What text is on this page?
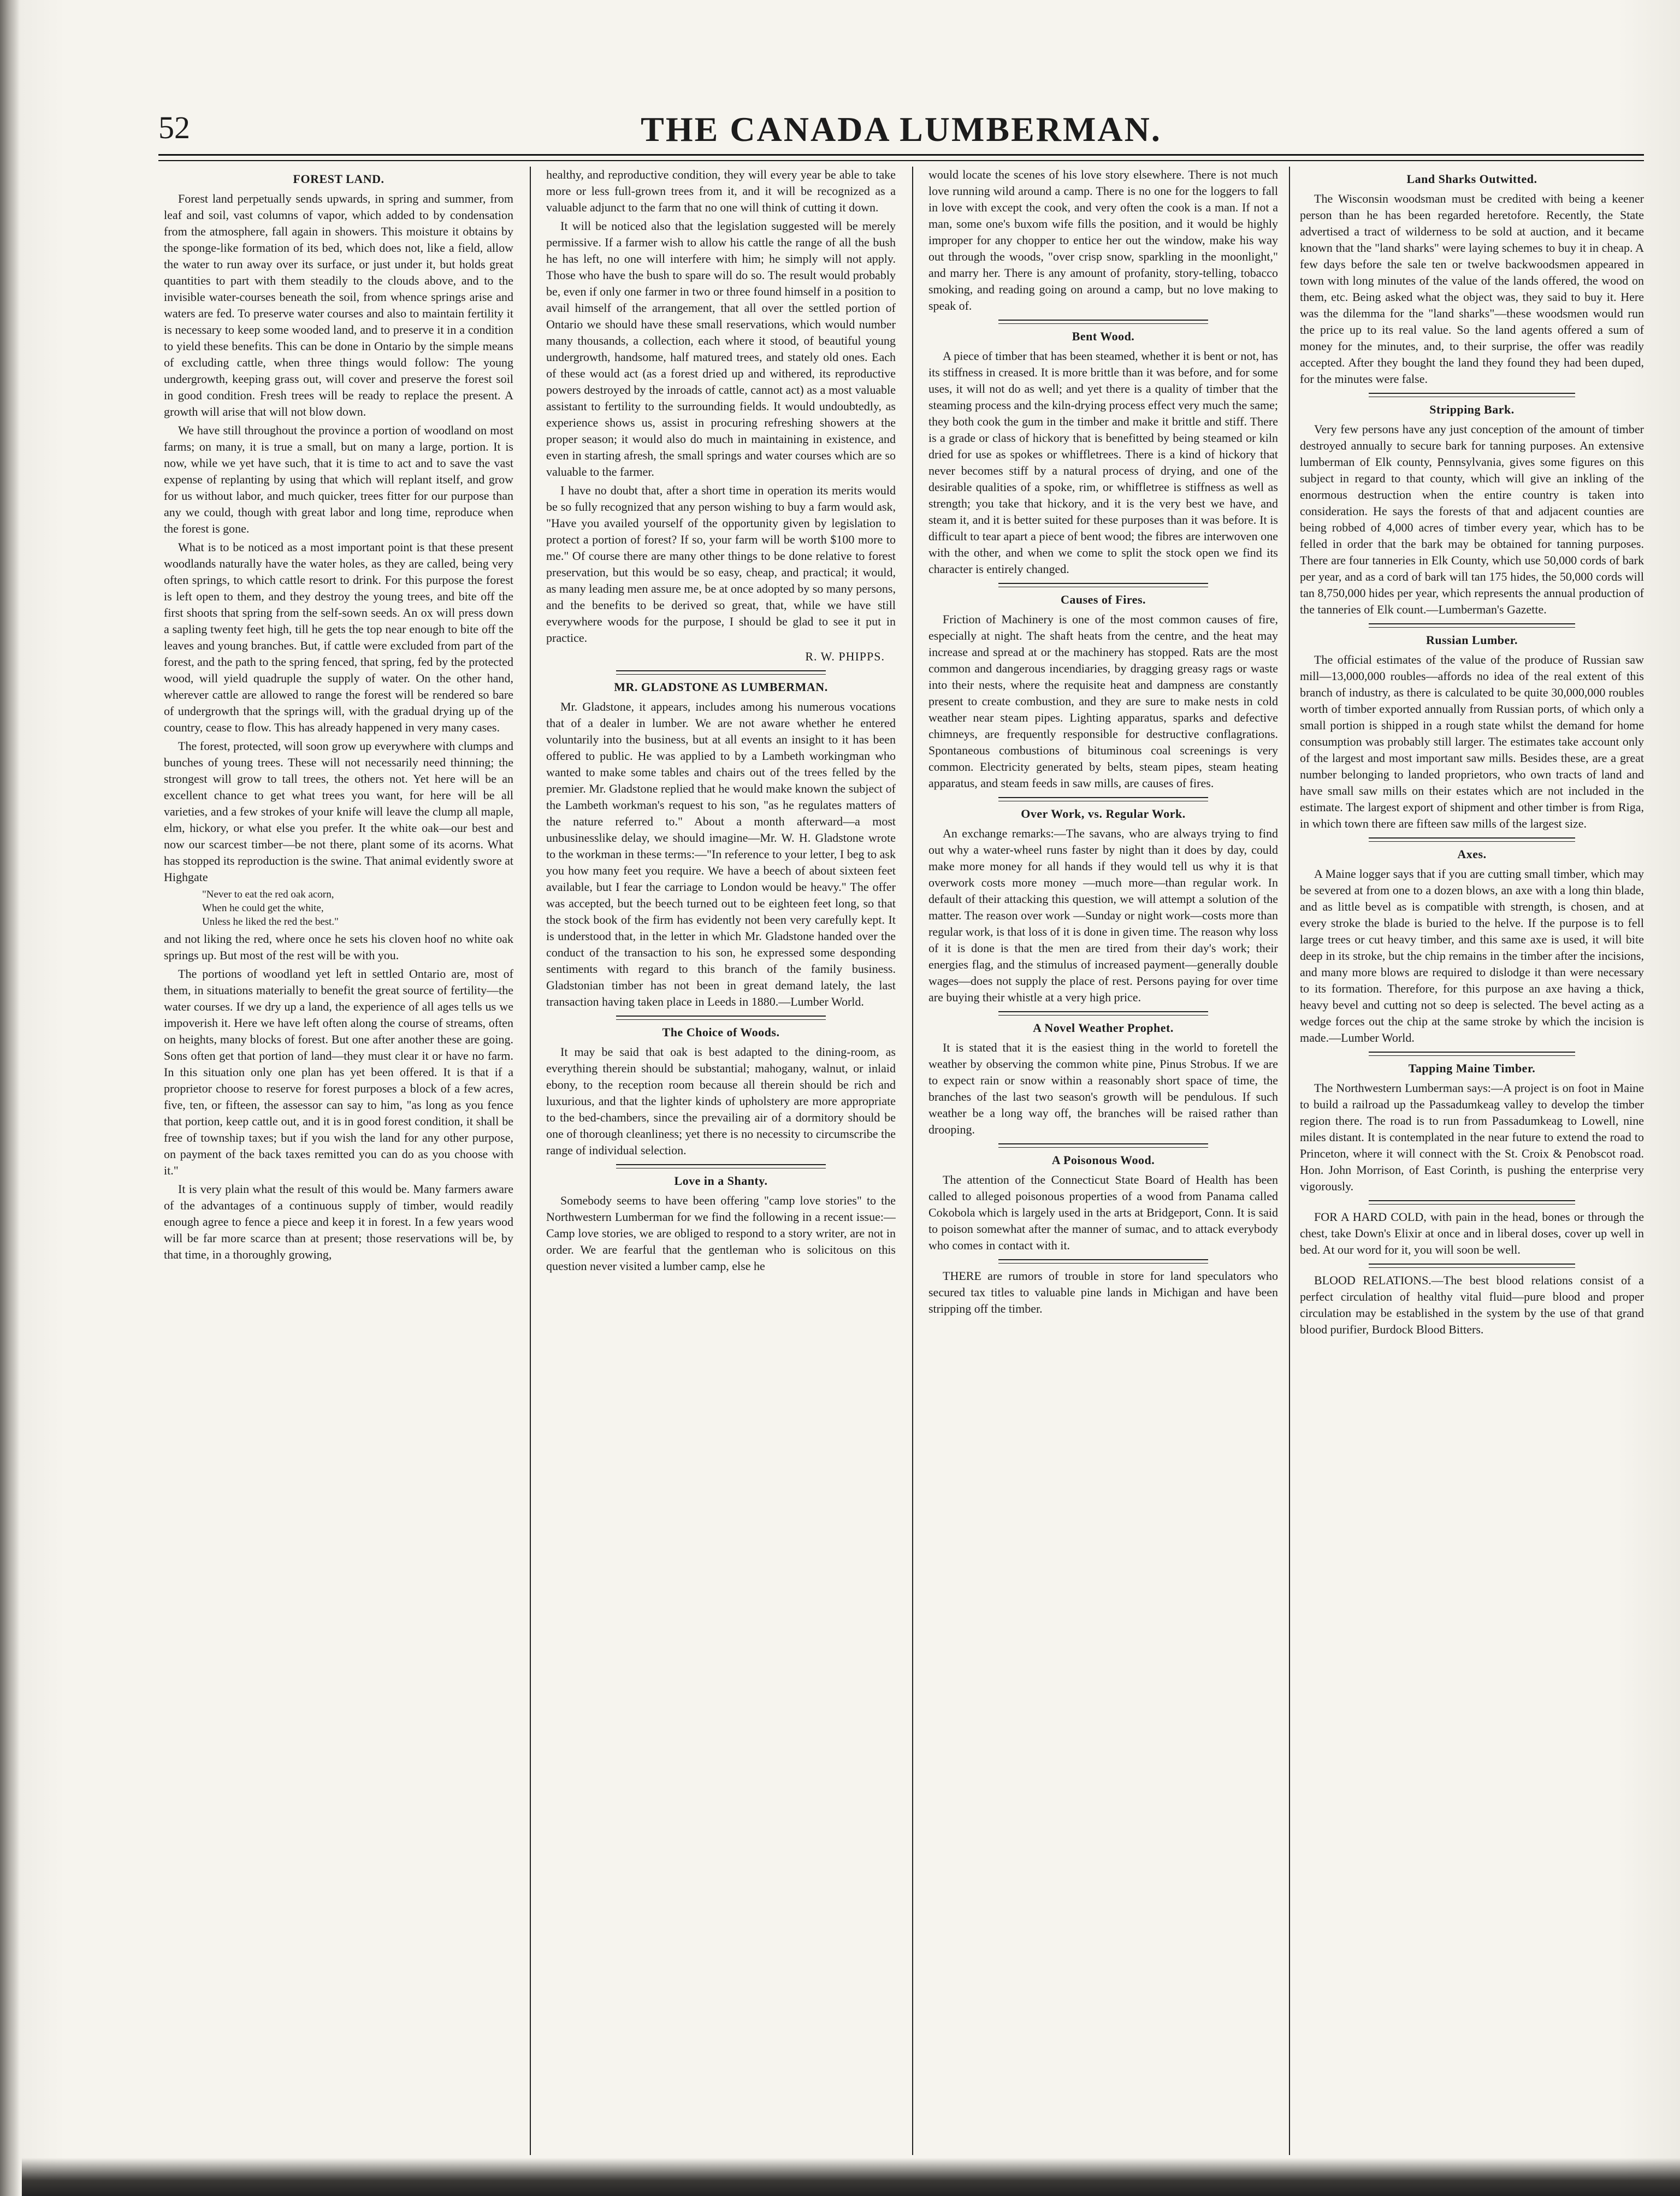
52	THE CANADA LUMBERMAN.
FOREST LAND.

Forest land perpetually sends upwards, in spring and summer, from leaf and soil, vast columns of vapor, which added to by condensation from the atmosphere, fall again in showers. This moisture it obtains by the sponge-like formation of its bed, which does not, like a field, allow the water to run away over its surface, or just under it, but holds great quantities to part with them steadily to the clouds above, and to the invisible water-courses beneath the soil, from whence springs arise and waters are fed. To preserve water courses and also to maintain fertility it is necessary to keep some wooded land, and to preserve it in a condition to yield these benefits. This can be done in Ontario by the simple means of excluding cattle, when three things would follow: The young undergrowth, keeping grass out, will cover and preserve the forest soil in good condition. Fresh trees will be ready to replace the present. A growth will arise that will not blow down.

We have still throughout the province a portion of woodland on most farms; on many, it is true a small, but on many a large, portion. It is now, while we yet have such, that it is time to act and to save the vast expense of replanting by using that which will replant itself, and grow for us without labor, and much quicker, trees fitter for our purpose than any we could, though with great labor and long time, reproduce when the forest is gone.

What is to be noticed as a most important point is that these present woodlands naturally have the water holes, as they are called, being very often springs, to which cattle resort to drink. For this purpose the forest is left open to them, and they destroy the young trees, and bite off the first shoots that spring from the self-sown seeds. An ox will press down a sapling twenty feet high, till he gets the top near enough to bite off the leaves and young branches. But, if cattle were excluded from part of the forest, and the path to the spring fenced, that spring, fed by the protected wood, will yield quadruple the supply of water. On the other hand, wherever cattle are allowed to range the forest will be rendered so bare of undergrowth that the springs will, with the gradual drying up of the country, cease to flow. This has already happened in very many cases.

The forest, protected, will soon grow up everywhere with clumps and bunches of young trees. These will not necessarily need thinning; the strongest will grow to tall trees, the others not. Yet here will be an excellent chance to get what trees you want, for here will be all varieties, and a few strokes of your knife will leave the clump all maple, elm, hickory, or what else you prefer. It the white oak—our best and now our scarcest timber—be not there, plant some of its acorns. What has stopped its reproduction is the swine. That animal evidently swore at Highgate

"Never to eat the red oak acorn,
When he could get the white,
Unless he liked the red the best."

and not liking the red, where once he sets his cloven hoof no white oak springs up. But most of the rest will be with you.

The portions of woodland yet left in settled Ontario are, most of them, in situations materially to benefit the great source of fertility—the water courses. If we dry up a land, the experience of all ages tells us we impoverish it. Here we have left often along the course of streams, often on heights, many blocks of forest. But one after another these are going. Sons often get that portion of land—they must clear it or have no farm. In this situation only one plan has yet been offered. It is that if a proprietor choose to reserve for forest purposes a block of a few acres, five, ten, or fifteen, the assessor can say to him, "as long as you fence that portion, keep cattle out, and it is in good forest condition, it shall be free of township taxes; but if you wish the land for any other purpose, on payment of the back taxes remitted you can do as you choose with it."

It is very plain what the result of this would be. Many farmers aware of the advantages of a continuous supply of timber, would readily enough agree to fence a piece and keep it in forest. In a few years wood will be far more scarce than at present; those reservations will be, by that time, in a thoroughly growing,

healthy, and reproductive condition, they will every year be able to take more or less full-grown trees from it, and it will be recognized as a valuable adjunct to the farm that no one will think of cutting it down.

It will be noticed also that the legislation suggested will be merely permissive. If a farmer wish to allow his cattle the range of all the bush he has left, no one will interfere with him; he simply will not apply. Those who have the bush to spare will do so. The result would probably be, even if only one farmer in two or three found himself in a position to avail himself of the arrangement, that all over the settled portion of Ontario we should have these small reservations, which would number many thousands, a collection, each where it stood, of beautiful young undergrowth, handsome, half matured trees, and stately old ones. Each of these would act (as a forest dried up and withered, its reproductive powers destroyed by the inroads of cattle, cannot act) as a most valuable assistant to fertility to the surrounding fields. It would undoubtedly, as experience shows us, assist in procuring refreshing showers at the proper season; it would also do much in maintaining in existence, and even in starting afresh, the small springs and water courses which are so valuable to the farmer.

I have no doubt that, after a short time in operation its merits would be so fully recognized that any person wishing to buy a farm would ask, "Have you availed yourself of the opportunity given by legislation to protect a portion of forest? If so, your farm will be worth $100 more to me." Of course there are many other things to be done relative to forest preservation, but this would be so easy, cheap, and practical; it would, as many leading men assure me, be at once adopted by so many persons, and the benefits to be derived so great, that, while we have still everywhere woods for the purpose, I should be glad to see it put in practice.

R. W. PHIPPS.
MR. GLADSTONE AS LUMBERMAN.

Mr. Gladstone, it appears, includes among his numerous vocations that of a dealer in lumber. We are not aware whether he entered voluntarily into the business, but at all events an insight to it has been offered to public. He was applied to by a Lambeth workingman who wanted to make some tables and chairs out of the trees felled by the premier. Mr. Gladstone replied that he would make known the subject of the Lambeth workman's request to his son, "as he regulates matters of the nature referred to." About a month afterward—a most unbusinesslike delay, we should imagine—Mr. W. H. Gladstone wrote to the workman in these terms:—"In reference to your letter, I beg to ask you how many feet you require. We have a beech of about sixteen feet available, but I fear the carriage to London would be heavy." The offer was accepted, but the beech turned out to be eighteen feet long, so that the stock book of the firm has evidently not been very carefully kept. It is understood that, in the letter in which Mr. Gladstone handed over the conduct of the transaction to his son, he expressed some desponding sentiments with regard to this branch of the family business. Gladstonian timber has not been in great demand lately, the last transaction having taken place in Leeds in 1880.—Lumber World.

The Choice of Woods.

It may be said that oak is best adapted to the dining-room, as everything therein should be substantial; mahogany, walnut, or inlaid ebony, to the reception room because all therein should be rich and luxurious, and that the lighter kinds of upholstery are more appropriate to the bed-chambers, since the prevailing air of a dormitory should be one of thorough cleanliness; yet there is no necessity to circumscribe the range of individual selection.

Love in a Shanty.

Somebody seems to have been offering "camp love stories" to the Northwestern Lumberman for we find the following in a recent issue:—Camp love stories, we are obliged to respond to a story writer, are not in order. We are fearful that the gentleman who is solicitous on this question never visited a lumber camp, else he

would locate the scenes of his love story elsewhere. There is not much love running wild around a camp. There is no one for the loggers to fall in love with except the cook, and very often the cook is a man. If not a man, some one's buxom wife fills the position, and it would be highly improper for any chopper to entice her out the window, make his way out through the woods, "over crisp snow, sparkling in the moonlight," and marry her. There is any amount of profanity, story-telling, tobacco smoking, and reading going on around a camp, but no love making to speak of.

Bent Wood.

A piece of timber that has been steamed, whether it is bent or not, has its stiffness in creased. It is more brittle than it was before, and for some uses, it will not do as well; and yet there is a quality of timber that the steaming process and the kiln-drying process effect very much the same; they both cook the gum in the timber and make it brittle and stiff. There is a grade or class of hickory that is benefitted by being steamed or kiln dried for use as spokes or whiffletrees. There is a kind of hickory that never becomes stiff by a natural process of drying, and one of the desirable qualities of a spoke, rim, or whiffletree is stiffness as well as strength; you take that hickory, and it is the very best we have, and steam it, and it is better suited for these purposes than it was before. It is difficult to tear apart a piece of bent wood; the fibres are interwoven one with the other, and when we come to split the stock open we find its character is entirely changed.

Causes of Fires.

Friction of Machinery is one of the most common causes of fire, especially at night. The shaft heats from the centre, and the heat may increase and spread at or the machinery has stopped. Rats are the most common and dangerous incendiaries, by dragging greasy rags or waste into their nests, where the requisite heat and dampness are constantly present to create combustion, and they are sure to make nests in cold weather near steam pipes. Lighting apparatus, sparks and defective chimneys, are frequently responsible for destructive conflagrations. Spontaneous combustions of bituminous coal screenings is very common. Electricity generated by belts, steam pipes, steam heating apparatus, and steam feeds in saw mills, are causes of fires.

Over Work, vs. Regular Work.

An exchange remarks:—The savans, who are always trying to find out why a water-wheel runs faster by night than it does by day, could make more money for all hands if they would tell us why it is that overwork costs more money —much more—than regular work. In default of their attacking this question, we will attempt a solution of the matter. The reason over work —Sunday or night work—costs more than regular work, is that loss of it is done in given time. The reason why loss of it is done is that the men are tired from their day's work; their energies flag, and the stimulus of increased payment—generally double wages—does not supply the place of rest. Persons paying for over time are buying their whistle at a very high price.

A Novel Weather Prophet.

It is stated that it is the easiest thing in the world to foretell the weather by observing the common white pine, Pinus Strobus. If we are to expect rain or snow within a reasonably short space of time, the branches of the last two season's growth will be pendulous. If such weather be a long way off, the branches will be raised rather than drooping.

A Poisonous Wood.

The attention of the Connecticut State Board of Health has been called to alleged poisonous properties of a wood from Panama called Cokobola which is largely used in the arts at Bridgeport, Conn. It is said to poison somewhat after the manner of sumac, and to attack everybody who comes in contact with it.

THERE are rumors of trouble in store for land speculators who secured tax titles to valuable pine lands in Michigan and have been stripping off the timber.

Land Sharks Outwitted.

The Wisconsin woodsman must be credited with being a keener person than he has been regarded heretofore. Recently, the State advertised a tract of wilderness to be sold at auction, and it became known that the "land sharks" were laying schemes to buy it in cheap. A few days before the sale ten or twelve backwoodsmen appeared in town with long minutes of the value of the lands offered, the wood on them, etc. Being asked what the object was, they said to buy it. Here was the dilemma for the "land sharks"—these woodsmen would run the price up to its real value. So the land agents offered a sum of money for the minutes, and, to their surprise, the offer was readily accepted. After they bought the land they found they had been duped, for the minutes were false.

Stripping Bark.

Very few persons have any just conception of the amount of timber destroyed annually to secure bark for tanning purposes. An extensive lumberman of Elk county, Pennsylvania, gives some figures on this subject in regard to that county, which will give an inkling of the enormous destruction when the entire country is taken into consideration. He says the forests of that and adjacent counties are being robbed of 4,000 acres of timber every year, which has to be felled in order that the bark may be obtained for tanning purposes. There are four tanneries in Elk County, which use 50,000 cords of bark per year, and as a cord of bark will tan 175 hides, the 50,000 cords will tan 8,750,000 hides per year, which represents the annual production of the tanneries of Elk count.—Lumberman's Gazette.

Russian Lumber.

The official estimates of the value of the produce of Russian saw mill—13,000,000 roubles—affords no idea of the real extent of this branch of industry, as there is calculated to be quite 30,000,000 roubles worth of timber exported annually from Russian ports, of which only a small portion is shipped in a rough state whilst the demand for home consumption was probably still larger. The estimates take account only of the largest and most important saw mills. Besides these, are a great number belonging to landed proprietors, who own tracts of land and have small saw mills on their estates which are not included in the estimate. The largest export of shipment and other timber is from Riga, in which town there are fifteen saw mills of the largest size.

Axes.

A Maine logger says that if you are cutting small timber, which may be severed at from one to a dozen blows, an axe with a long thin blade, and as little bevel as is compatible with strength, is chosen, and at every stroke the blade is buried to the helve. If the purpose is to fell large trees or cut heavy timber, and this same axe is used, it will bite deep in its stroke, but the chip remains in the timber after the incisions, and many more blows are required to dislodge it than were necessary to its formation. Therefore, for this purpose an axe having a thick, heavy bevel and cutting not so deep is selected. The bevel acting as a wedge forces out the chip at the same stroke by which the incision is made.—Lumber World.

Tapping Maine Timber.

The Northwestern Lumberman says:—A project is on foot in Maine to build a railroad up the Passadumkeag valley to develop the timber region there. The road is to run from Passadumkeag to Lowell, nine miles distant. It is contemplated in the near future to extend the road to Princeton, where it will connect with the St. Croix & Penobscot road. Hon. John Morrison, of East Corinth, is pushing the enterprise very vigorously.

FOR A HARD COLD, with pain in the head, bones or through the chest, take Down's Elixir at once and in liberal doses, cover up well in bed. At our word for it, you will soon be well.

BLOOD RELATIONS.—The best blood relations consist of a perfect circulation of healthy vital fluid—pure blood and proper circulation may be established in the system by the use of that grand blood purifier, Burdock Blood Bitters.
